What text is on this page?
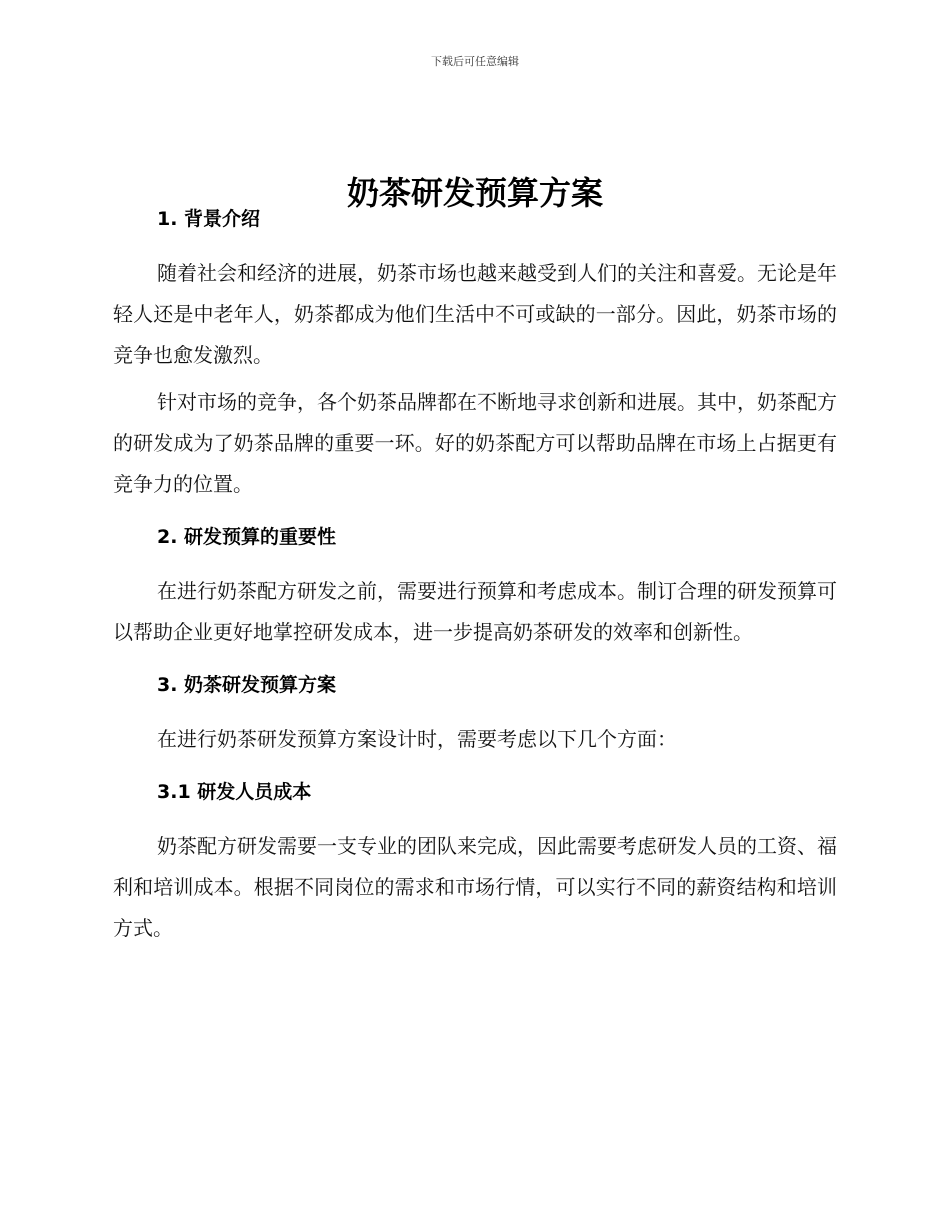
下载后可任意编辑
奶茶研发预算方案
1. 背景介绍

随着社会和经济的进展，奶茶市场也越来越受到人们的关注和喜爱。无论是年轻人还是中老年人，奶茶都成为他们生活中不可或缺的一部分。因此，奶茶市场的竞争也愈发激烈。

针对市场的竞争，各个奶茶品牌都在不断地寻求创新和进展。其中，奶茶配方的研发成为了奶茶品牌的重要一环。好的奶茶配方可以帮助品牌在市场上占据更有竞争力的位置。

2. 研发预算的重要性

在进行奶茶配方研发之前，需要进行预算和考虑成本。制订合理的研发预算可以帮助企业更好地掌控研发成本，进一步提高奶茶研发的效率和创新性。

3. 奶茶研发预算方案

在进行奶茶研发预算方案设计时，需要考虑以下几个方面：

3.1 研发人员成本

奶茶配方研发需要一支专业的团队来完成，因此需要考虑研发人员的工资、福利和培训成本。根据不同岗位的需求和市场行情，可以实行不同的薪资结构和培训方式。
